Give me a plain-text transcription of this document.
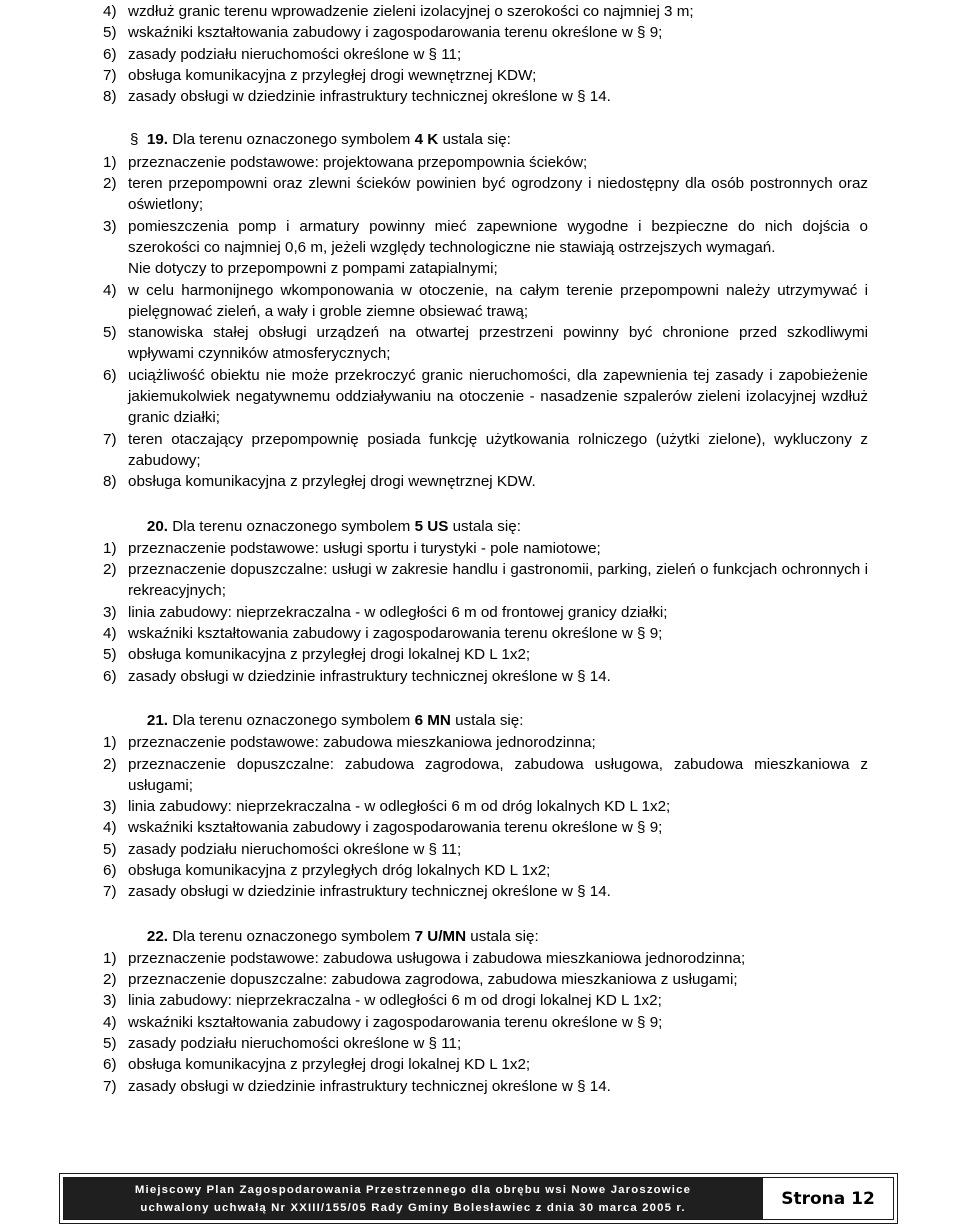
4) wzdłuż granic terenu wprowadzenie zieleni izolacyjnej o szerokości co najmniej 3 m;
5) wskaźniki kształtowania zabudowy i zagospodarowania terenu określone w § 9;
6) zasady podziału nieruchomości określone w § 11;
7) obsługa komunikacyjna z przyległej drogi wewnętrznej KDW;
8) zasady obsługi w dziedzinie infrastruktury technicznej określone w § 14.
§ 19. Dla terenu oznaczonego symbolem 4 K ustala się:
1) przeznaczenie podstawowe: projektowana przepompownia ścieków;
2) teren przepompowni oraz zlewni ścieków powinien być ogrodzony i niedostępny dla osób postronnych oraz oświetlony;
3) pomieszczenia pomp i armatury powinny mieć zapewnione wygodne i bezpieczne do nich dojścia o szerokości co najmniej 0,6 m, jeżeli względy technologiczne nie stawiają ostrzejszych wymagań.
Nie dotyczy to przepompowni z pompami zatapialnymi;
4) w celu harmonijnego wkomponowania w otoczenie, na całym terenie przepompowni należy utrzymywać i pielęgnować zieleń, a wały i groble ziemne obsiewać trawą;
5) stanowiska stałej obsługi urządzeń na otwartej przestrzeni powinny być chronione przed szkodliwymi wpływami czynników atmosferycznych;
6) uciążliwość obiektu nie może przekroczyć granic nieruchomości, dla zapewnienia tej zasady i zapobieżenie jakiemukolwiek negatywnemu oddziaływaniu na otoczenie - nasadzenie szpalerów zieleni izolacyjnej wzdłuż granic działki;
7) teren otaczający przepompownię posiada funkcję użytkowania rolniczego (użytki zielone), wykluczony z zabudowy;
8) obsługa komunikacyjna z przyległej drogi wewnętrznej KDW.
20. Dla terenu oznaczonego symbolem 5 US ustala się:
1) przeznaczenie podstawowe: usługi sportu i turystyki - pole namiotowe;
2) przeznaczenie dopuszczalne: usługi w zakresie handlu i gastronomii, parking, zieleń o funkcjach ochronnych i rekreacyjnych;
3) linia zabudowy: nieprzekraczalna - w odległości 6 m od frontowej granicy działki;
4) wskaźniki kształtowania zabudowy i zagospodarowania terenu określone w § 9;
5) obsługa komunikacyjna z przyległej drogi lokalnej KD L 1x2;
6) zasady obsługi w dziedzinie infrastruktury technicznej określone w § 14.
21. Dla terenu oznaczonego symbolem 6 MN ustala się:
1) przeznaczenie podstawowe: zabudowa mieszkaniowa jednorodzinna;
2) przeznaczenie dopuszczalne: zabudowa zagrodowa, zabudowa usługowa, zabudowa mieszkaniowa z usługami;
3) linia zabudowy: nieprzekraczalna - w odległości 6 m od dróg lokalnych KD L 1x2;
4) wskaźniki kształtowania zabudowy i zagospodarowania terenu określone w § 9;
5) zasady podziału nieruchomości określone w § 11;
6) obsługa komunikacyjna z przyległych dróg lokalnych KD L 1x2;
7) zasady obsługi w dziedzinie infrastruktury technicznej określone w § 14.
22. Dla terenu oznaczonego symbolem 7 U/MN ustala się:
1) przeznaczenie podstawowe: zabudowa usługowa i zabudowa mieszkaniowa jednorodzinna;
2) przeznaczenie dopuszczalne: zabudowa zagrodowa, zabudowa mieszkaniowa z usługami;
3) linia zabudowy: nieprzekraczalna - w odległości 6 m od drogi lokalnej KD L 1x2;
4) wskaźniki kształtowania zabudowy i zagospodarowania terenu określone w § 9;
5) zasady podziału nieruchomości określone w § 11;
6) obsługa komunikacyjna z przyległej drogi lokalnej KD L 1x2;
7) zasady obsługi w dziedzinie infrastruktury technicznej określone w § 14.
Miejscowy Plan Zagospodarowania Przestrzennego dla obrębu wsi Nowe Jaroszowice
uchwalony uchwałą Nr XXIII/155/05 Rady Gminy Bolesławiec z dnia 30 marca 2005 r.	Strona 12
